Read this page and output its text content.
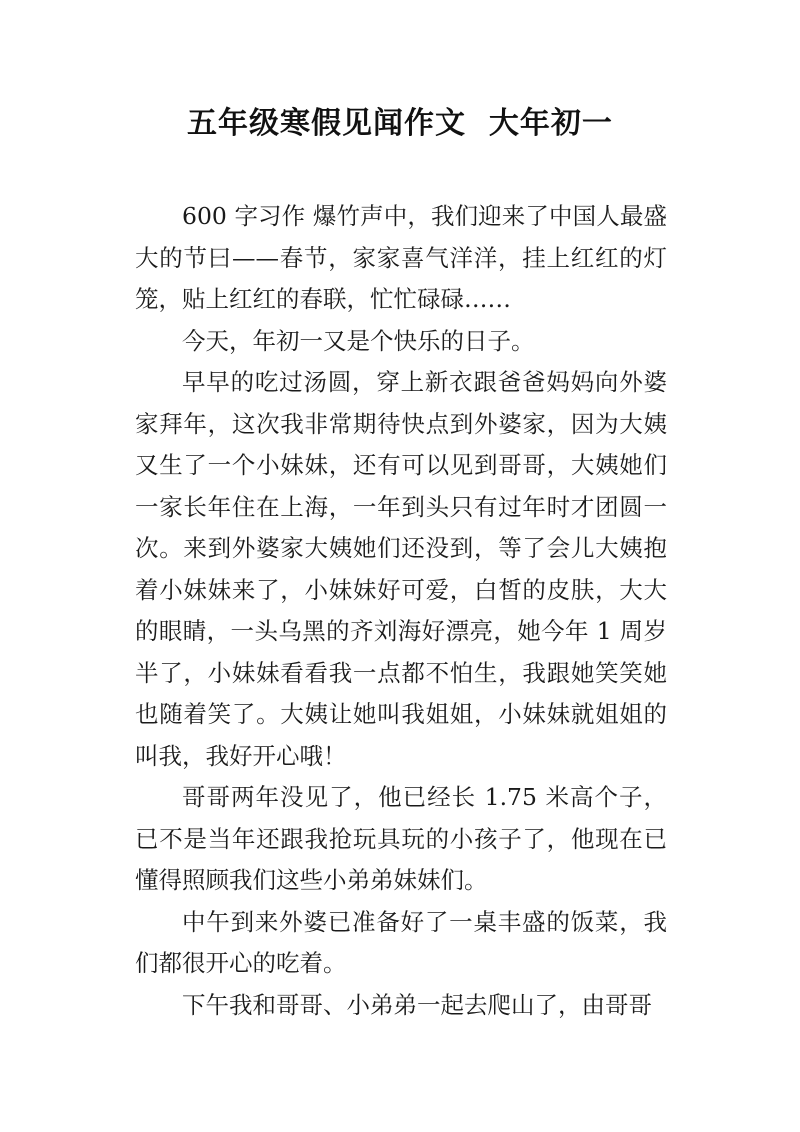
五年级寒假见闻作文  大年初一

600 字习作 爆竹声中，我们迎来了中国人最盛大的节曰——春节，家家喜气洋洋，挂上红红的灯笼，贴上红红的春联，忙忙碌碌……

今天，年初一又是个快乐的日子。

早早的吃过汤圆，穿上新衣跟爸爸妈妈向外婆家拜年，这次我非常期待快点到外婆家，因为大姨又生了一个小妹妹，还有可以见到哥哥，大姨她们一家长年住在上海，一年到头只有过年时才团圆一次。来到外婆家大姨她们还没到，等了会儿大姨抱着小妹妹来了，小妹妹好可爱，白皙的皮肤，大大的眼睛，一头乌黑的齐刘海好漂亮，她今年 1 周岁半了，小妹妹看看我一点都不怕生，我跟她笑笑她也随着笑了。大姨让她叫我姐姐，小妹妹就姐姐的叫我，我好开心哦！

哥哥两年没见了，他已经长 1.75 米高个子，已不是当年还跟我抢玩具玩的小孩子了，他现在已懂得照顾我们这些小弟弟妹妹们。

中午到来外婆已准备好了一桌丰盛的饭菜，我们都很开心的吃着。

下午我和哥哥、小弟弟一起去爬山了，由哥哥
